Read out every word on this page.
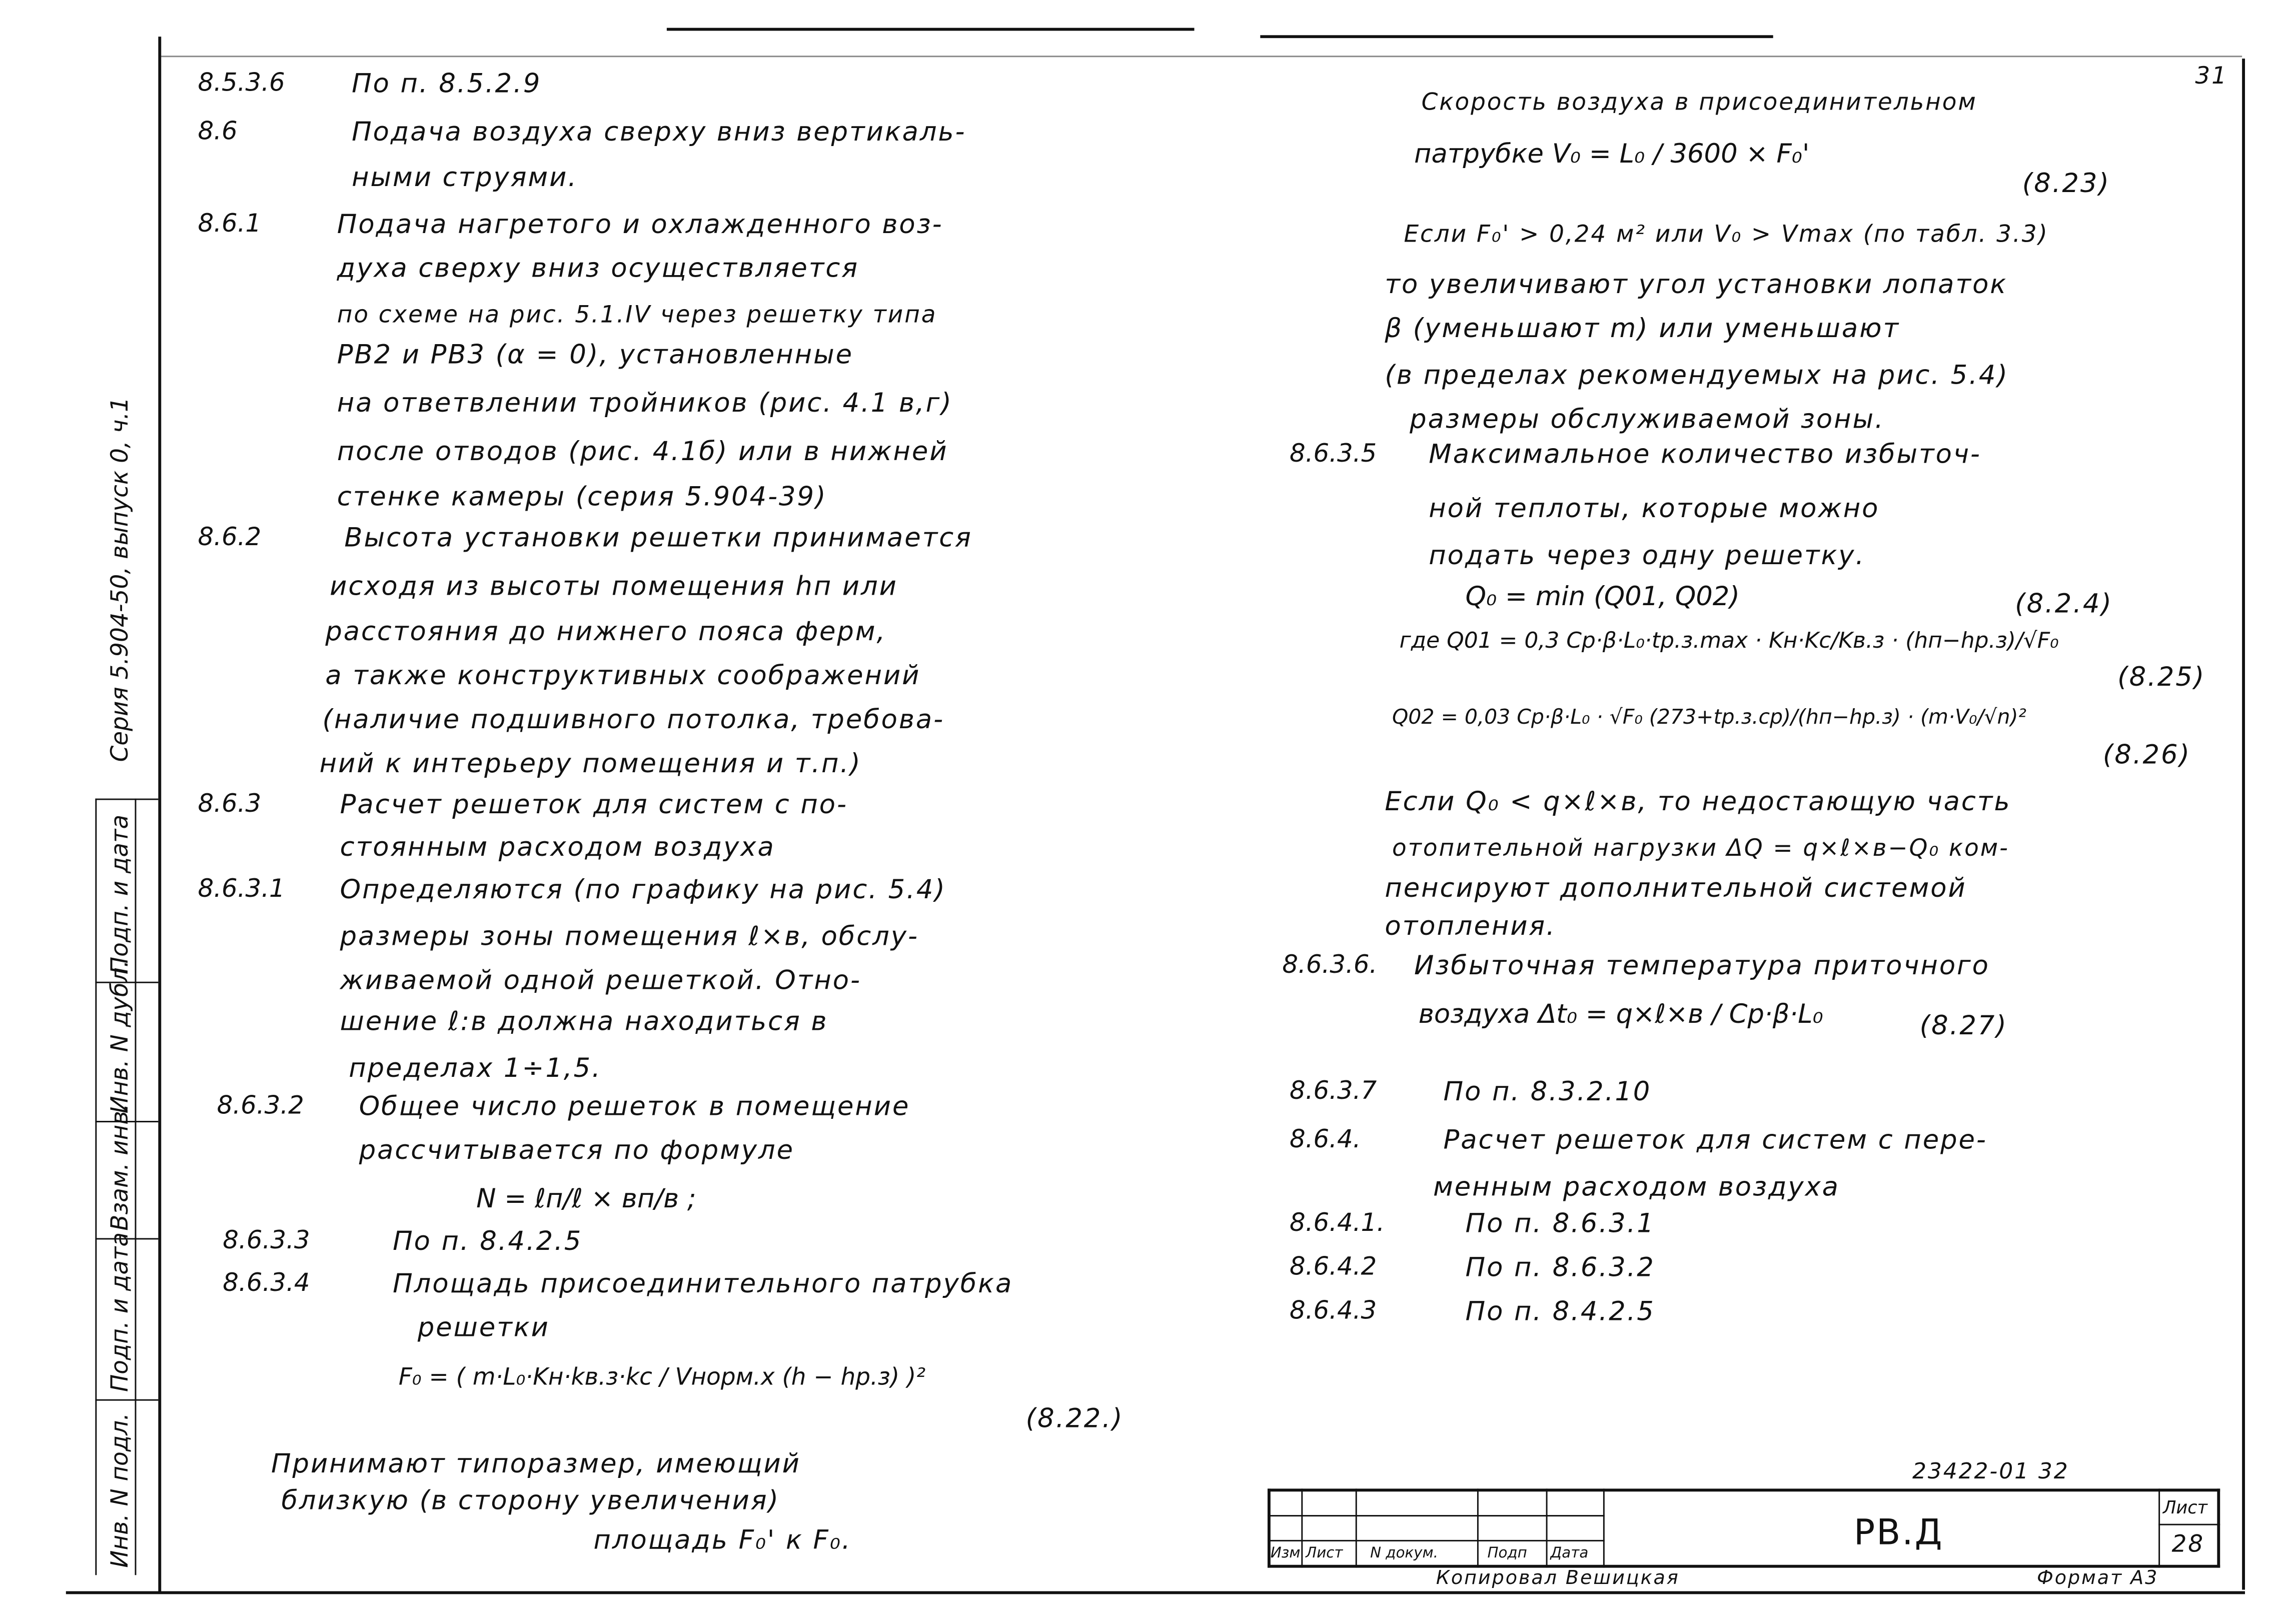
31
Серия 5.904-50, выпуск 0, ч.1
Подп. и дата
Инв. N дубл.
Взам. инв.
Подп. и дата
Инв. N подл.
8.5.3.6	По п. 8.5.2.9
8.6	Подача воздуха сверху вниз вертикаль-
ными струями.
8.6.1	Подача нагретого и охлажденного воз-
духа сверху вниз осуществляется
по схеме на рис. 5.1.IV через решетку типа
РВ2 и РВ3 (α = 0), установленные
на ответвлении тройников (рис. 4.1 в,г)
после отводов (рис. 4.1б) или в нижней
стенке камеры (серия 5.904-39)
8.6.2	Высота установки решетки принимается
исходя из высоты помещения hп или
расстояния до нижнего пояса ферм,
а также конструктивных соображений
(наличие подшивного потолка, требова-
ний к интерьеру помещения и т.п.)
8.6.3	Расчет решеток для систем с по-
стоянным расходом воздуха
8.6.3.1	Определяются (по графику на рис. 5.4)
размеры зоны помещения ℓ×в, обслу-
живаемой одной решеткой. Отно-
шение ℓ:в должна находиться в
пределах 1÷1,5.
8.6.3.2	Общее число решеток в помещение
рассчитывается по формуле
N = ℓп/ℓ × вп/в ;
8.6.3.3	По п. 8.4.2.5
8.6.3.4	Площадь присоединительного патрубка
решетки
F₀ = ( m·L₀·Kн·kв.з·kс / Vнорм.х (h − hр.з) )²
(8.22.)
Принимают типоразмер, имеющий
близкую (в сторону увеличения)
площадь F₀' к F₀.
Скорость воздуха в присоединительном
патрубке V₀ = L₀ / 3600 × F₀'
(8.23)
Если F₀' > 0,24 м² или V₀ > Vmax (по табл. 3.3)
то увеличивают угол установки лопаток
β (уменьшают m) или уменьшают
(в пределах рекомендуемых на рис. 5.4)
размеры обслуживаемой зоны.
8.6.3.5	Максимальное количество избыточ-
ной теплоты, которые можно
подать через одну решетку.
Q₀ = min (Q01, Q02)	(8.2.4)
где Q01 = 0,3 Cp·β·L₀·tр.з.max · Kн·Kс/Kв.з · (hп−hр.з)/√F₀
(8.25)
Q02 = 0,03 Cp·β·L₀ · √F₀ (273+tр.з.ср)/(hп−hр.з) · (m·V₀/√n)²
(8.26)
Если Q₀ < q×ℓ×в, то недостающую часть
отопительной нагрузки ΔQ = q×ℓ×в−Q₀ ком-
пенсируют дополнительной системой
отопления.
8.6.3.6.	Избыточная температура приточного
воздуха Δt₀ = q×ℓ×в / Cp·β·L₀	(8.27)
8.6.3.7	По п. 8.3.2.10
8.6.4.	Расчет решеток для систем с пере-
менным расходом воздуха
8.6.4.1.	По п. 8.6.3.1
8.6.4.2	По п. 8.6.3.2
8.6.4.3	По п. 8.4.2.5
23422-01 32
Изм Лист	N докум.	Подп	Дата
РВ.Д
Лист
28
Копировал Вешицкая	Формат А3
